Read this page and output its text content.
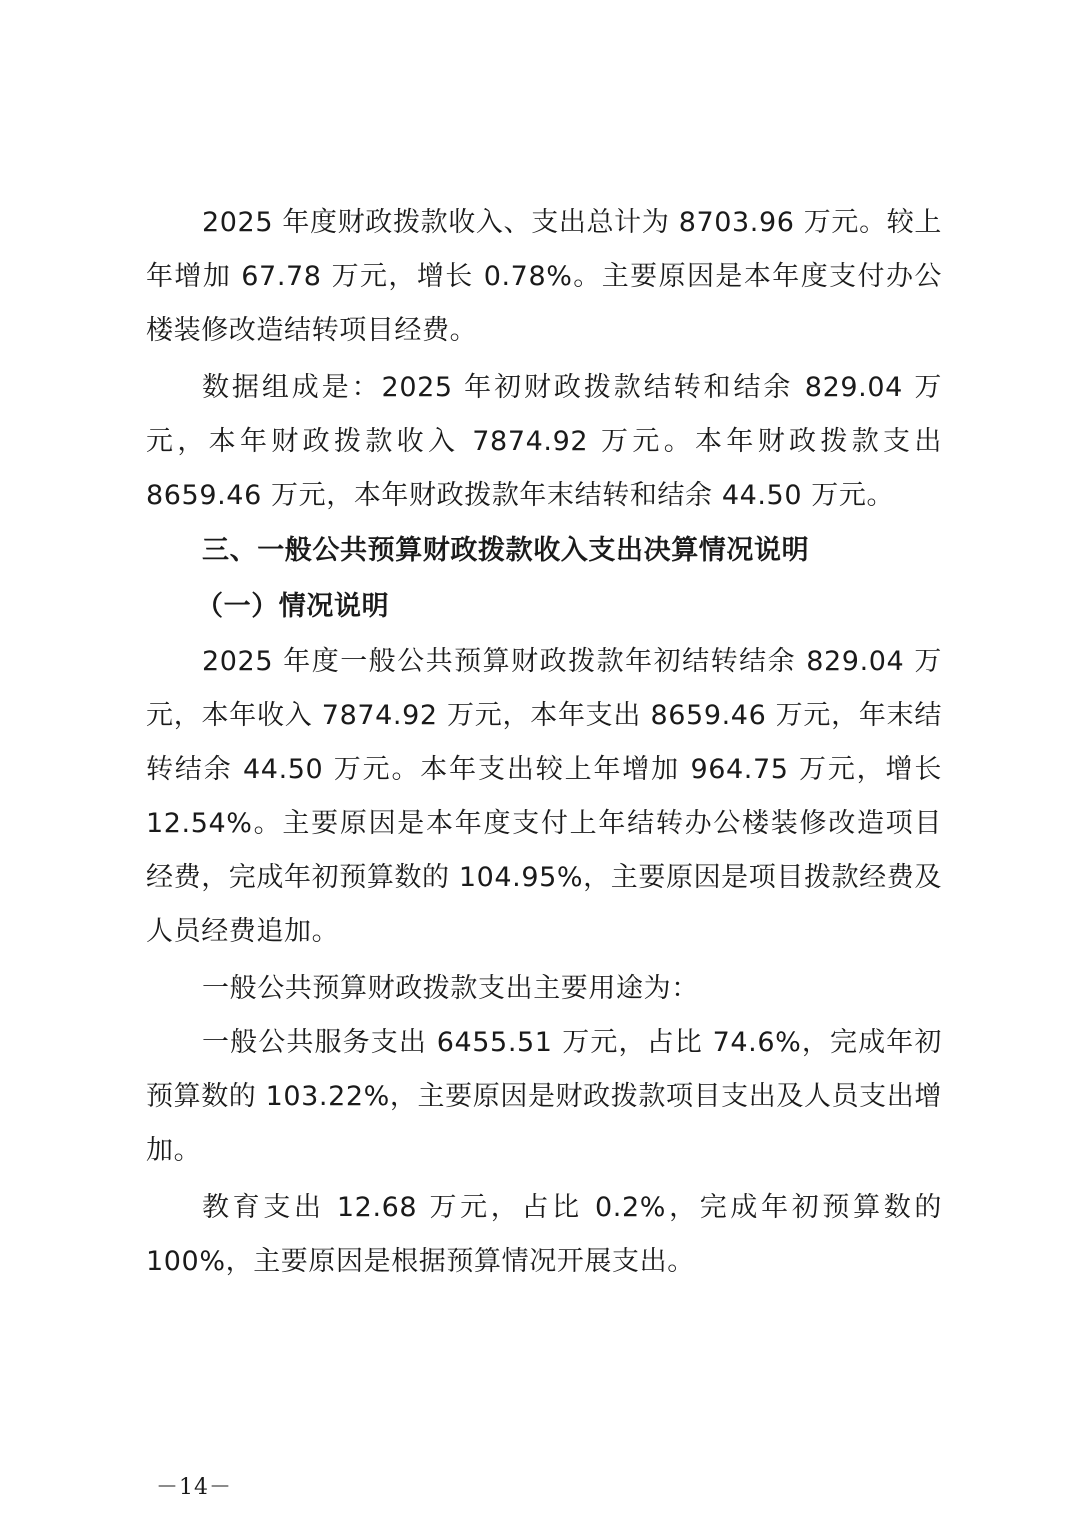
2025 年度财政拨款收入、支出总计为 8703.96 万元。较上年增加 67.78 万元，增长 0.78%。主要原因是本年度支付办公楼装修改造结转项目经费。

数据组成是：2025 年初财政拨款结转和结余 829.04 万元，本年财政拨款收入 7874.92 万元。本年财政拨款支出 8659.46 万元，本年财政拨款年末结转和结余 44.50 万元。

三、一般公共预算财政拨款收入支出决算情况说明

（一）情况说明

2025 年度一般公共预算财政拨款年初结转结余 829.04 万元，本年收入 7874.92 万元，本年支出 8659.46 万元，年末结转结余 44.50 万元。本年支出较上年增加 964.75 万元，增长 12.54%。主要原因是本年度支付上年结转办公楼装修改造项目经费，完成年初预算数的 104.95%，主要原因是项目拨款经费及人员经费追加。

一般公共预算财政拨款支出主要用途为：

一般公共服务支出 6455.51 万元，占比 74.6%，完成年初预算数的 103.22%，主要原因是财政拨款项目支出及人员支出增加。

教育支出 12.68 万元，占比 0.2%，完成年初预算数的 100%，主要原因是根据预算情况开展支出。

－14－
